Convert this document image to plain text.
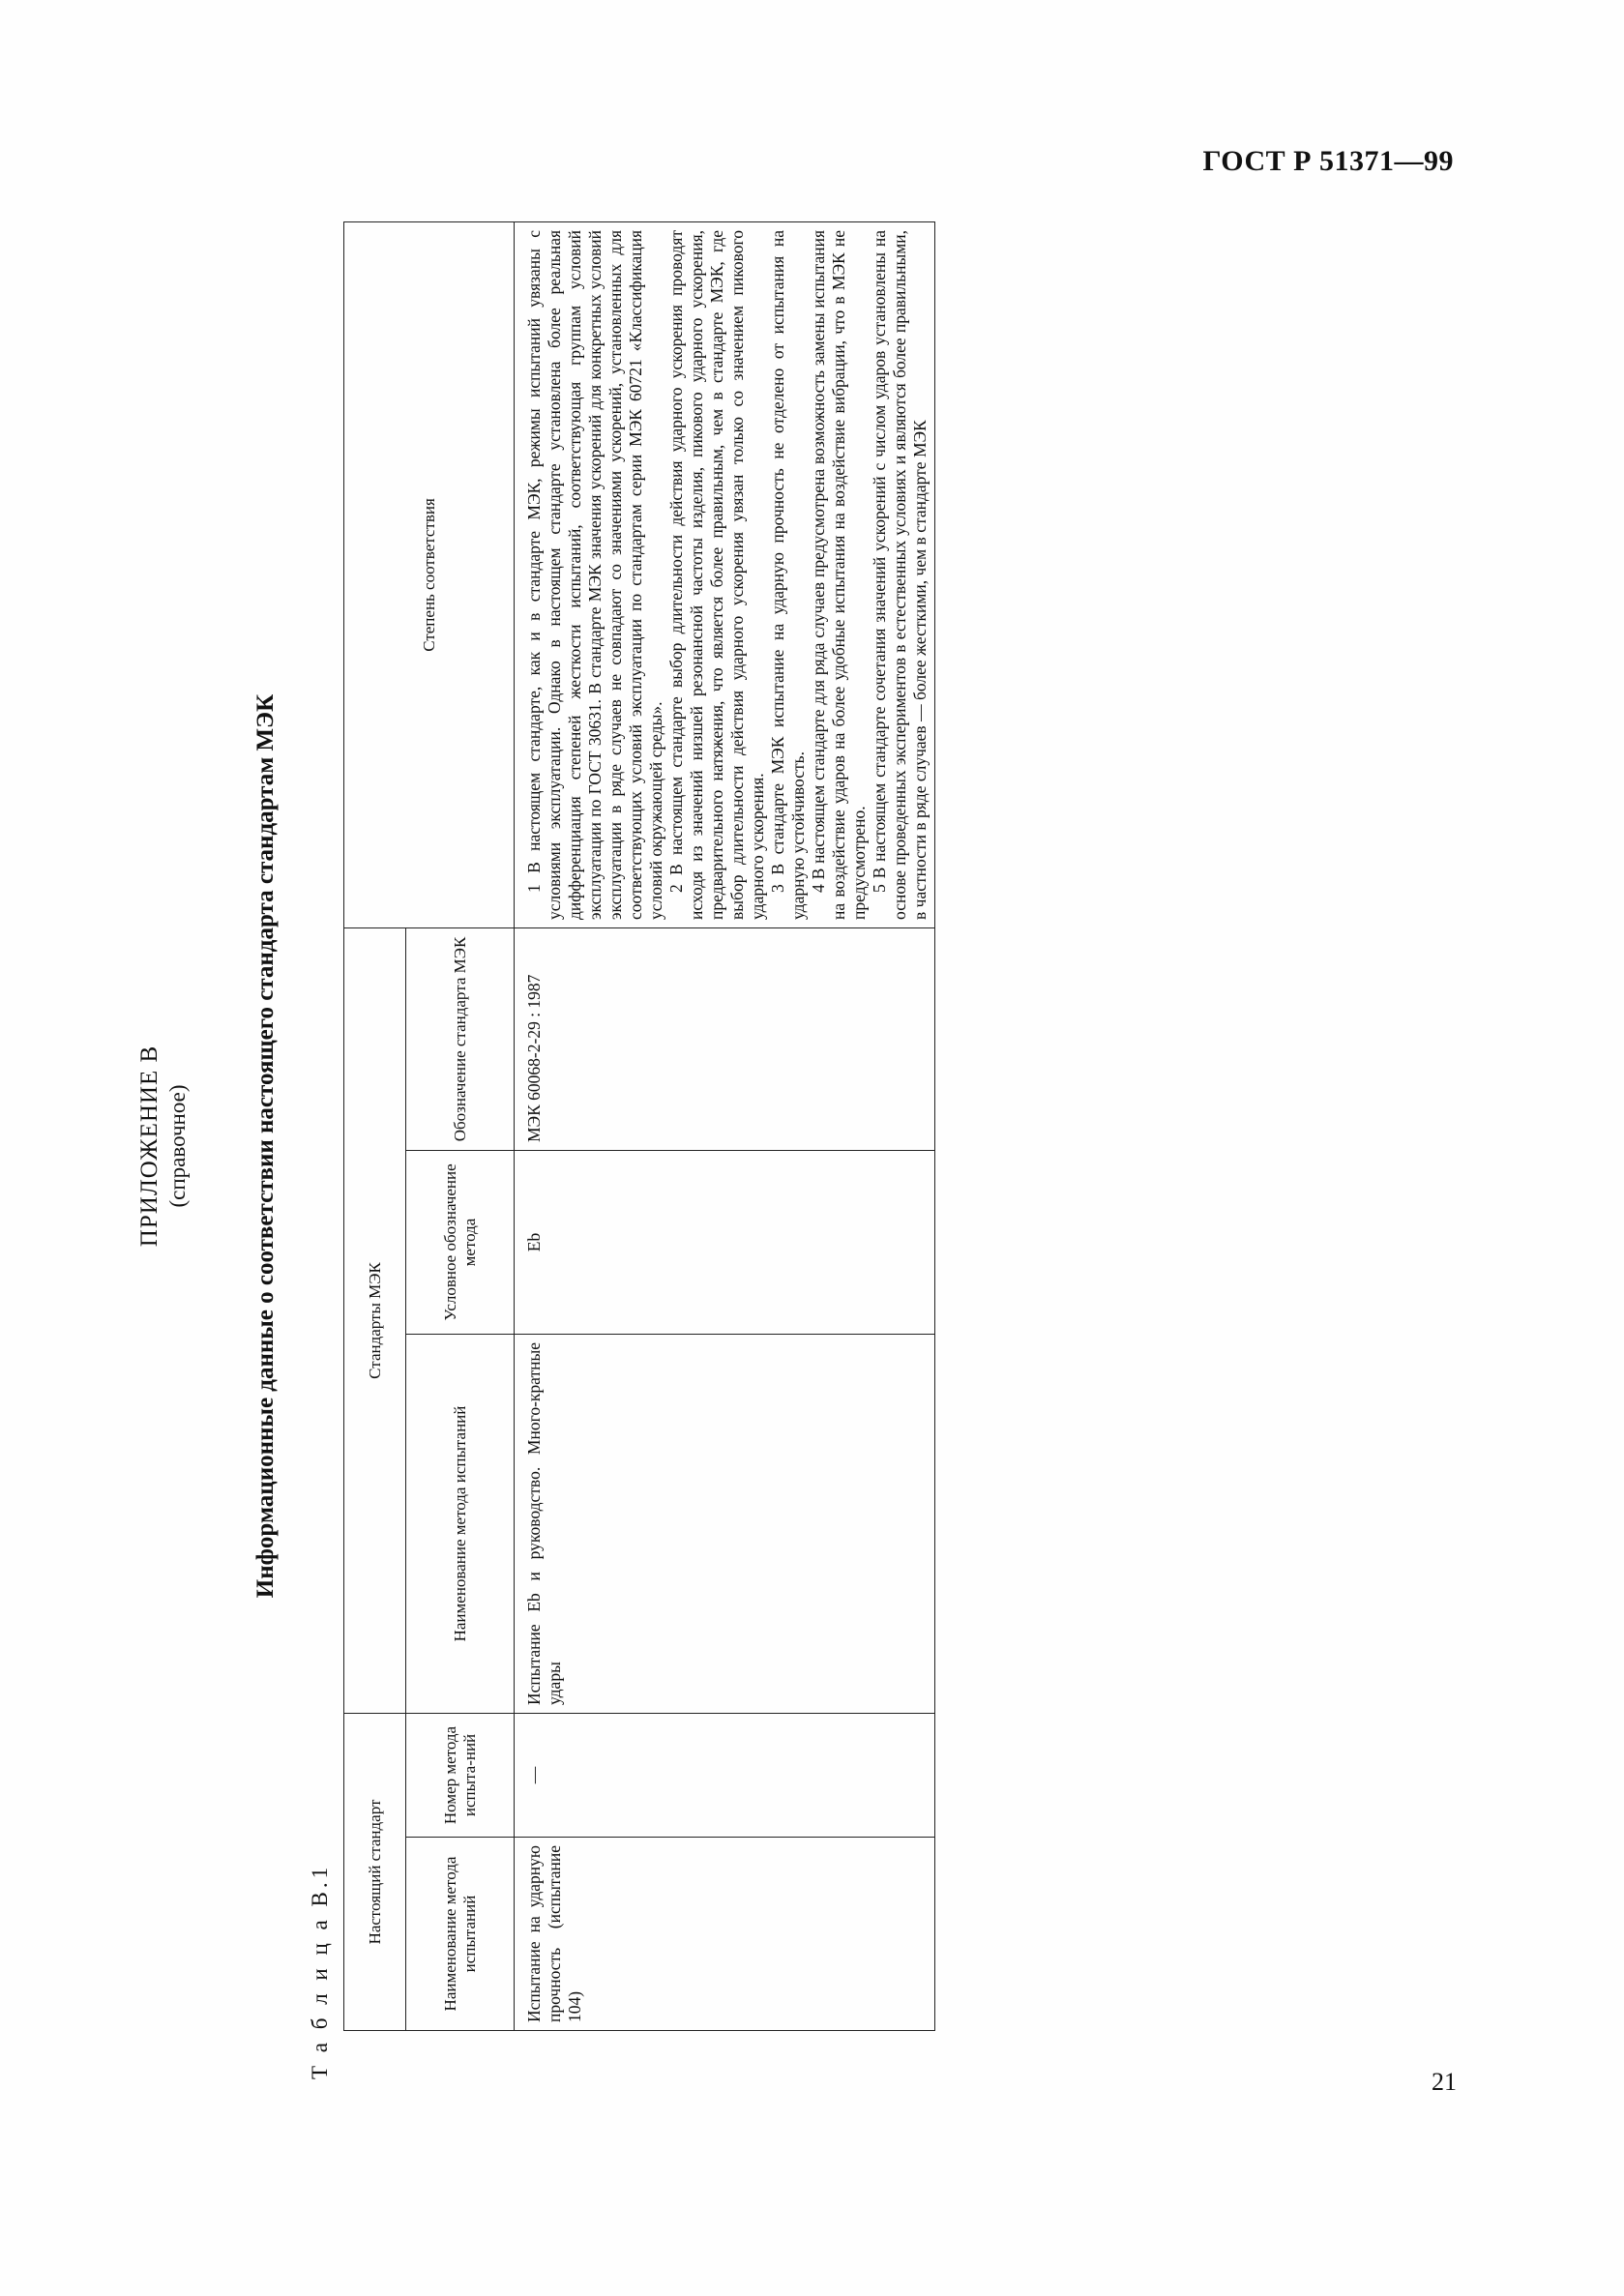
ГОСТ Р 51371—99
ПРИЛОЖЕНИЕ В (справочное)	Информационные данные о соответствии настоящего стандарта стандартам МЭК
Т а б л и ц а В.1 Настоящий стандарт		Стандарты МЭК			Степень соответствия
Наименование метода испытаний	Номер метода испыта-ний	Наименование метода испытаний	Условное обозначение метода	Обозначение стандарта МЭК	
Испытание на ударную прочность (испытание 104)	—	Испытание Eb и руководство. Много-кратные удары	Eb	МЭК 60068-2-29 : 1987	1 В настоящем стандарте, как и в стандарте МЭК, режимы испытаний увязаны с условиями эксплуатации. Однако в настоящем стандарте установлена более реальная дифференциация степеней жесткости испытаний, соответствующая группам условий эксплуатации по ГОСТ 30631. В стандарте МЭК значения ускорений для конкретных условий эксплуатации в ряде случаев не совпадают со значениями ускорений, установленных для соответствующих условий эксплуатации по стандартам серии МЭК 60721 «Классификация условий окружающей среды». 2 В настоящем стандарте выбор длительности действия ударного ускорения проводят исходя из значений низшей резонансной частоты изделия, пикового ударного ускорения, предварительного натяжения, что является более правильным, чем в стандарте МЭК, где выбор длительности действия ударного ускорения увязан только со значением пикового ударного ускорения. 3 В стандарте МЭК испытание на ударную прочность не отделено от испытания на ударную устойчивость. 4 В настоящем стандарте для ряда случаев предусмотрена возможность замены испытания на воздействие ударов на более удобные испытания на воздействие вибрации, что в МЭК не предусмотрено. 5 В настоящем стандарте сочетания значений ускорений с числом ударов установлены на основе проведенных экспериментов в естественных условиях и являются более правильными, в частности в ряде случаев — более жесткими, чем в стандарте МЭК

21
